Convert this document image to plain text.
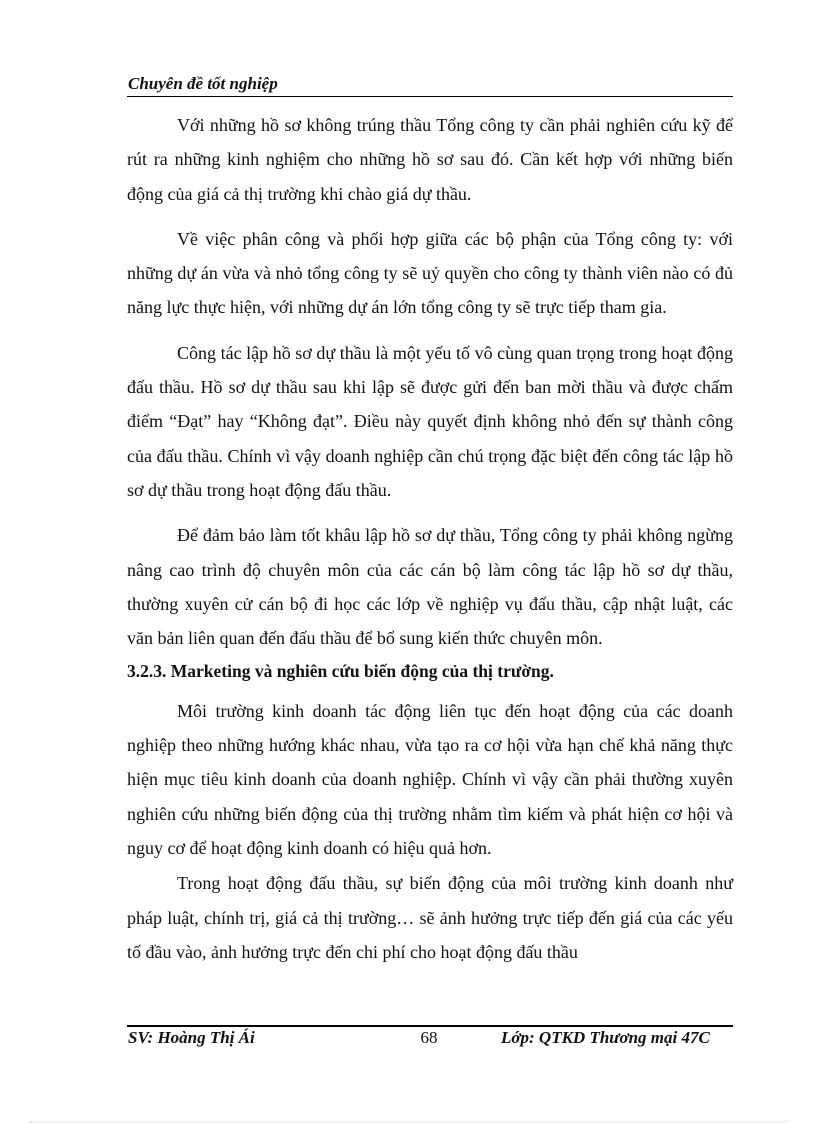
Chuyên đề tốt nghiệp

Với những hồ sơ không trúng thầu Tổng công ty cần phải nghiên cứu kỹ để rút ra những kinh nghiệm cho những hồ sơ sau đó. Cần kết hợp với những biến động của giá cả thị trường khi chào giá dự thầu.

Về việc phân công và phối hợp giữa các bộ phận của Tổng công ty: với những dự án vừa và nhỏ tổng công ty sẽ uỷ quyền cho công ty thành viên nào có đủ năng lực thực hiện, với những dự án lớn tổng công ty sẽ trực tiếp tham gia.

Công tác lập hồ sơ dự thầu là một yếu tố vô cùng quan trọng trong hoạt động đấu thầu. Hồ sơ dự thầu sau khi lập sẽ được gửi đến ban mời thầu và được chấm điểm “Đạt” hay “Không đạt”. Điều này quyết định không nhỏ đến sự thành công của đấu thầu. Chính vì vậy doanh nghiệp cần chú trọng đặc biệt đến công tác lập hồ sơ dự thầu trong hoạt động đấu thầu.

Để đảm bảo làm tốt khâu lập hồ sơ dự thầu, Tổng công ty phải không ngừng nâng cao trình độ chuyên môn của các cán bộ làm công tác lập hồ sơ dự thầu, thường xuyên cử cán bộ đi học các lớp về nghiệp vụ đấu thầu, cập nhật luật, các văn bản liên quan đến đấu thầu để bổ sung kiến thức chuyên môn.

3.2.3. Marketing và nghiên cứu biến động của thị trường.

Môi trường kinh doanh tác động liên tục đến hoạt động của các doanh nghiệp theo những hướng khác nhau, vừa tạo ra cơ hội vừa hạn chế khả năng thực hiện mục tiêu kinh doanh của doanh nghiệp. Chính vì vậy cần phải thường xuyên nghiên cứu những biến động của thị trường nhằm tìm kiếm và phát hiện cơ hội và nguy cơ để hoạt động kinh doanh có hiệu quả hơn.

Trong hoạt động đấu thầu, sự biến động của môi trường kinh doanh như pháp luật, chính trị, giá cả thị trường… sẽ ảnh hưởng trực tiếp đến giá của các yếu tố đầu vào, ảnh hưởng trực đến chi phí cho hoạt động đấu thầu

SV: Hoàng Thị Ái	68	Lớp: QTKD Thương mại 47C
